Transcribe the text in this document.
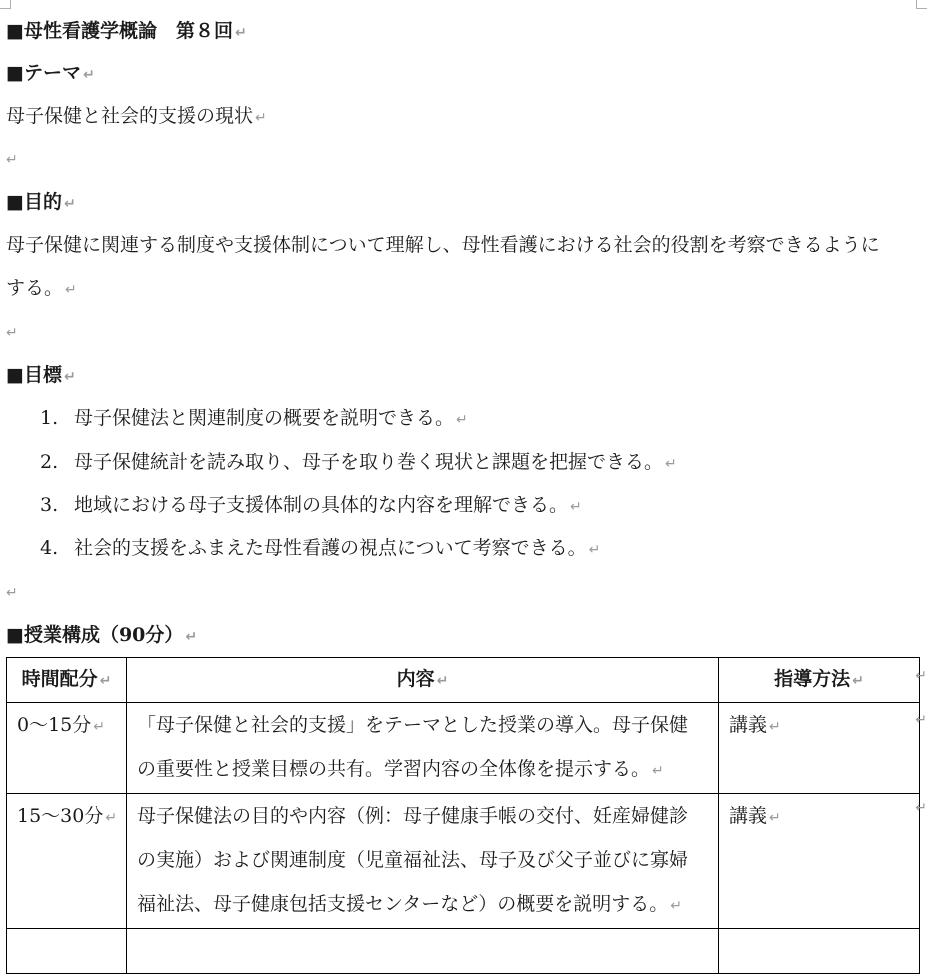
■母性看護学概論　第８回 ↵
■テーマ ↵
母子保健と社会的支援の現状 ↵
↵
■目的 ↵
母子保健に関連する制度や支援体制について理解し、母性看護における社会的役割を考察できるように
する。 ↵
↵
■目標 ↵
1. 母子保健法と関連制度の概要を説明できる。 ↵
2. 母子保健統計を読み取り、母子を取り巻く現状と課題を把握できる。 ↵
3. 地域における母子支援体制の具体的な内容を理解できる。 ↵
4. 社会的支援をふまえた母性看護の視点について考察できる。 ↵
↵
■授業構成（90分） ↵
時間配分 ↵	内容 ↵	指導方法 ↵
0〜15分 ↵	「母子保健と社会的支援」をテーマとした授業の導入。母子保健
の重要性と授業目標の共有。学習内容の全体像を提示する。 ↵	講義 ↵
15〜30分 ↵	母子保健法の目的や内容（例：母子健康手帳の交付、妊産婦健診
の実施）および関連制度（児童福祉法、母子及び父子並びに寡婦
福祉法、母子健康包括支援センターなど）の概要を説明する。 ↵	講義 ↵

↵
↵
↵
